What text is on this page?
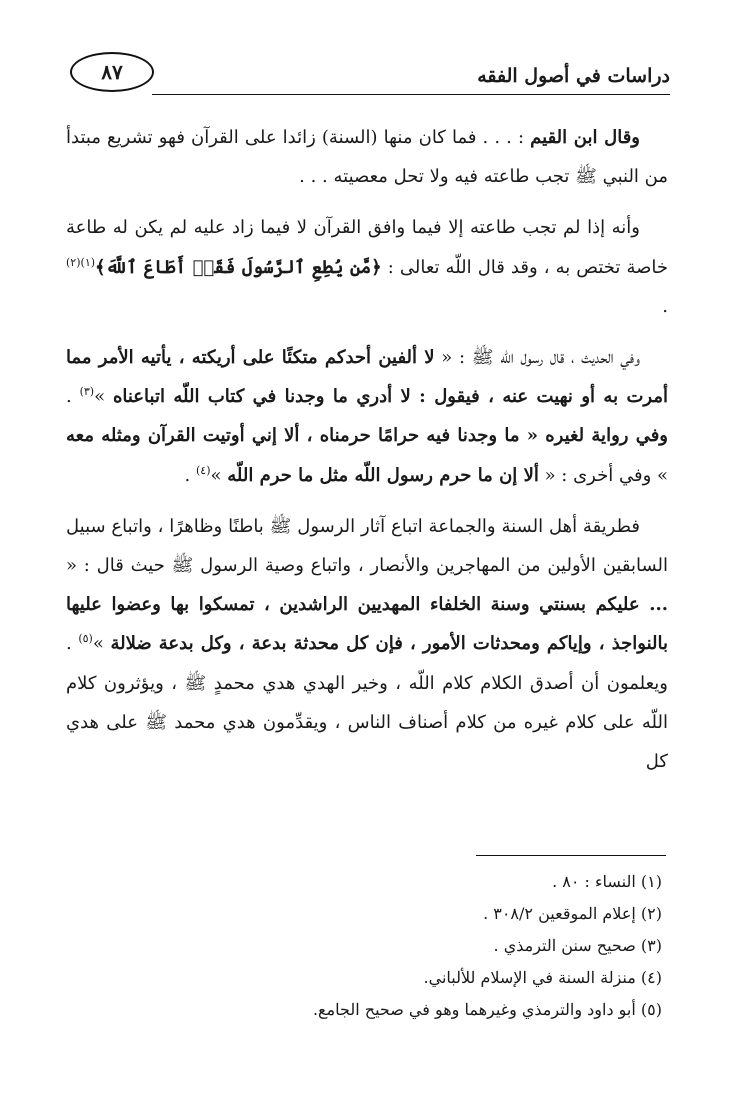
دراسات في أصول الفقه
٨٧

وقال ابن القيم : . . . فما كان منها (السنة) زائدا على القرآن فهو تشريع مبتدأ من النبي ﷺ تجب طاعته فيه ولا تحل معصيته . . .

وأنه إذا لم تجب طاعته إلا فيما وافق القرآن لا فيما زاد عليه لم يكن له طاعة خاصة تختص به ، وقد قال اللّه تعالى : ﴿مَّن يُطِعِ ٱلرَّسُولَ فَقَدۡ أَطَاعَ ٱللَّهَ﴾$^{(١)(٢)}$ .

وفي الحديث ، قال رسول اللّه ﷺ : « لا ألفين أحدكم متكئًا على أريكته ، يأتيه الأمر مما أمرت به أو نهيت عنه ، فيقول : لا أدري ما وجدنا في كتاب اللّه اتباعناه »$^{(٣)}$ . وفي رواية لغيره « ما وجدنا فيه حرامًا حرمناه ، ألا إني أوتيت القرآن ومثله معه » وفي أخرى : « ألا إن ما حرم رسول اللّه مثل ما حرم اللّه »$^{(٤)}$ .

فطريقة أهل السنة والجماعة اتباع آثار الرسول ﷺ باطنًا وظاهرًا ، واتباع سبيل السابقين الأولين من المهاجرين والأنصار ، واتباع وصية الرسول ﷺ حيث قال : « ... عليكم بسنتي وسنة الخلفاء المهديين الراشدين ، تمسكوا بها وعضوا عليها بالنواجذ ، وإياكم ومحدثات الأمور ، فإن كل محدثة بدعة ، وكل بدعة ضلالة »$^{(٥)}$ . ويعلمون أن أصدق الكلام كلام اللّه ، وخير الهدي هدي محمدٍ ﷺ ، ويؤثرون كلام اللّه على كلام غيره من كلام أصناف الناس ، ويقدِّمون هدي محمد ﷺ على هدي كل

(١) النساء : ٨٠ .
(٢) إعلام الموقعين ٣٠٨/٢ .
(٣) صحيح سنن الترمذي .
(٤) منزلة السنة في الإسلام للألباني.
(٥) أبو داود والترمذي وغيرهما وهو في صحيح الجامع.
